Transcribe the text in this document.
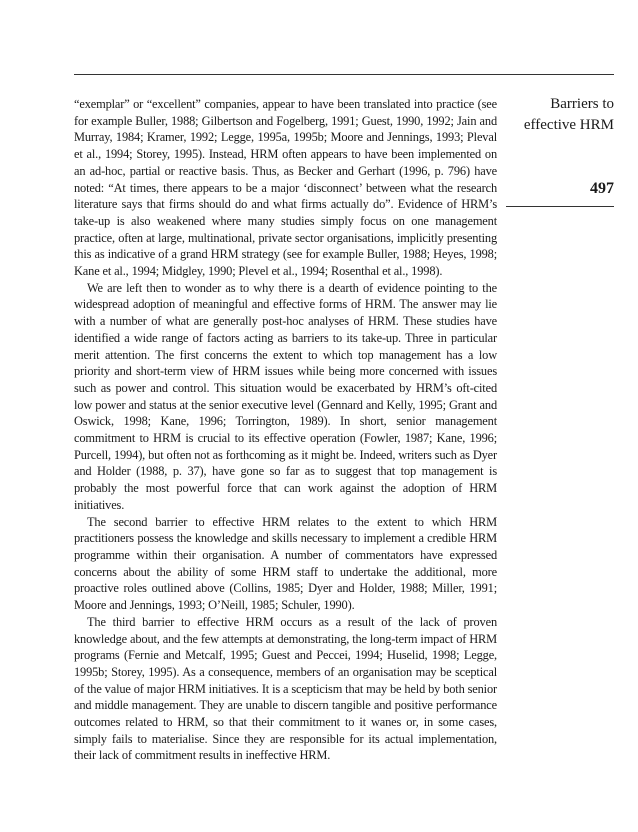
Barriers to
effective HRM
497

“exemplar” or “excellent” companies, appear to have been translated into practice (see for example Buller, 1988; Gilbertson and Fogelberg, 1991; Guest, 1990, 1992; Jain and Murray, 1984; Kramer, 1992; Legge, 1995a, 1995b; Moore and Jennings, 1993; Pleval et al., 1994; Storey, 1995). Instead, HRM often appears to have been implemented on an ad-hoc, partial or reactive basis. Thus, as Becker and Gerhart (1996, p. 796) have noted: “At times, there appears to be a major ‘disconnect’ between what the research literature says that firms should do and what firms actually do”. Evidence of HRM’s take-up is also weakened where many studies simply focus on one management practice, often at large, multinational, private sector organisations, implicitly presenting this as indicative of a grand HRM strategy (see for example Buller, 1988; Heyes, 1998; Kane et al., 1994; Midgley, 1990; Plevel et al., 1994; Rosenthal et al., 1998).

We are left then to wonder as to why there is a dearth of evidence pointing to the widespread adoption of meaningful and effective forms of HRM. The answer may lie with a number of what are generally post-hoc analyses of HRM. These studies have identified a wide range of factors acting as barriers to its take-up. Three in particular merit attention. The first concerns the extent to which top management has a low priority and short-term view of HRM issues while being more concerned with issues such as power and control. This situation would be exacerbated by HRM’s oft-cited low power and status at the senior executive level (Gennard and Kelly, 1995; Grant and Oswick, 1998; Kane, 1996; Torrington, 1989). In short, senior management commitment to HRM is crucial to its effective operation (Fowler, 1987; Kane, 1996; Purcell, 1994), but often not as forthcoming as it might be. Indeed, writers such as Dyer and Holder (1988, p. 37), have gone so far as to suggest that top management is probably the most powerful force that can work against the adoption of HRM initiatives.

The second barrier to effective HRM relates to the extent to which HRM practitioners possess the knowledge and skills necessary to implement a credible HRM programme within their organisation. A number of commentators have expressed concerns about the ability of some HRM staff to undertake the additional, more proactive roles outlined above (Collins, 1985; Dyer and Holder, 1988; Miller, 1991; Moore and Jennings, 1993; O’Neill, 1985; Schuler, 1990).

The third barrier to effective HRM occurs as a result of the lack of proven knowledge about, and the few attempts at demonstrating, the long-term impact of HRM programs (Fernie and Metcalf, 1995; Guest and Peccei, 1994; Huselid, 1998; Legge, 1995b; Storey, 1995). As a consequence, members of an organisation may be sceptical of the value of major HRM initiatives. It is a scepticism that may be held by both senior and middle management. They are unable to discern tangible and positive performance outcomes related to HRM, so that their commitment to it wanes or, in some cases, simply fails to materialise. Since they are responsible for its actual implementation, their lack of commitment results in ineffective HRM.
